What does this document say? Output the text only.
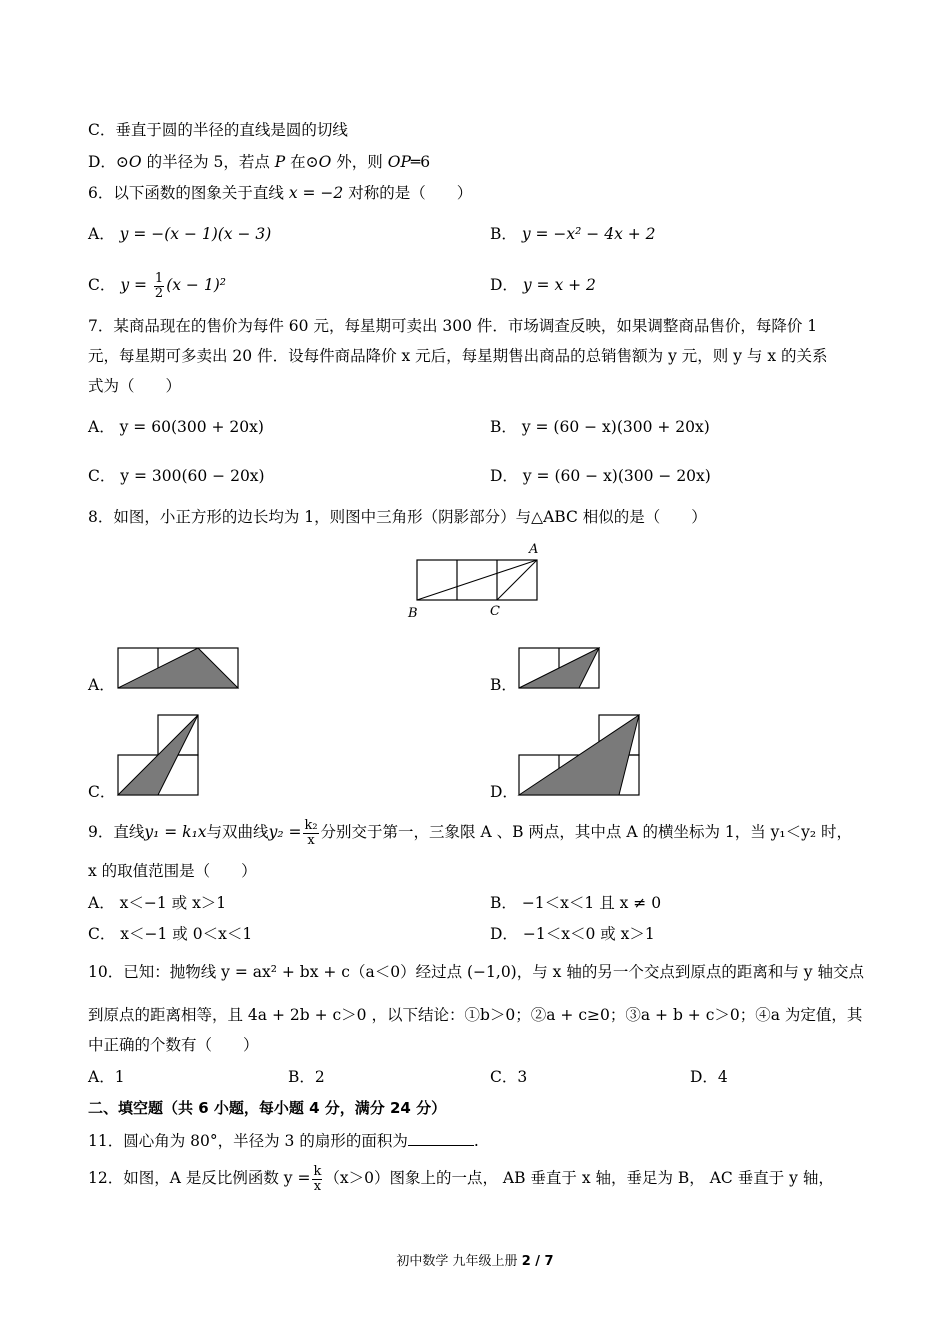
C．垂直于圆的半径的直线是圆的切线
D．⊙O 的半径为 5，若点 P 在⊙O 外，则 OP═6
6．以下函数的图象关于直线 x = −2 对称的是（　　）
A． y = −(x − 1)(x − 3)	B． y = −x² − 4x + 2
C． $y = \frac{1}{2} (x - 1)^2$	D． y = x + 2
7．某商品现在的售价为每件 60 元，每星期可卖出 300 件．市场调查反映，如果调整商品售价，每降价 1
元，每星期可多卖出 20 件．设每件商品降价 x 元后，每星期售出商品的总销售额为 y 元，则 y 与 x 的关系
式为（　　）
A． y = 60(300 + 20x)	B． y = (60 − x)(300 + 20x)
C． y = 300(60 − 20x)	D． y = (60 − x)(300 − 20x)
8．如图，小正方形的边长均为 1，则图中三角形（阴影部分）与△ABC 相似的是（　　）
A
B	C
A．	B．
C．	D．
9．直线y₁ = k₁x与双曲线$y_2 = \frac{\text{k₂}}{x}$ 分别交于第一，三象限 A 、B 两点，其中点 A 的横坐标为 1，当 y₁＜y₂ 时，
x 的取值范围是（　　）
A． x＜−1 或 x＞1	B． −1＜x＜1 且 x ≠ 0
C． x＜−1 或 0＜x＜1	D． −1＜x＜0 或 x＞1
10．已知：抛物线 y = ax² + bx + c（a＜0）经过点 (−1,0)，与 x 轴的另一个交点到原点的距离和与 y 轴交点
到原点的距离相等，且 4a + 2b + c＞0 ，以下结论：①b＞0；②a + c≥0；③a + b + c＞0；④a 为定值，其
中正确的个数有（　　）
A．1	B．2	C．3	D．4
二、填空题（共 6 小题，每小题 4 分，满分 24 分）
11．圆心角为 80°，半径为 3 的扇形的面积为	.
12．如图，A 是反比例函数 $y = \frac{k}{x} (x>0)$图象上的一点， AB 垂直于 x 轴，垂足为 B， AC 垂直于 y 轴，
初中数学 九年级上册 2 / 7
